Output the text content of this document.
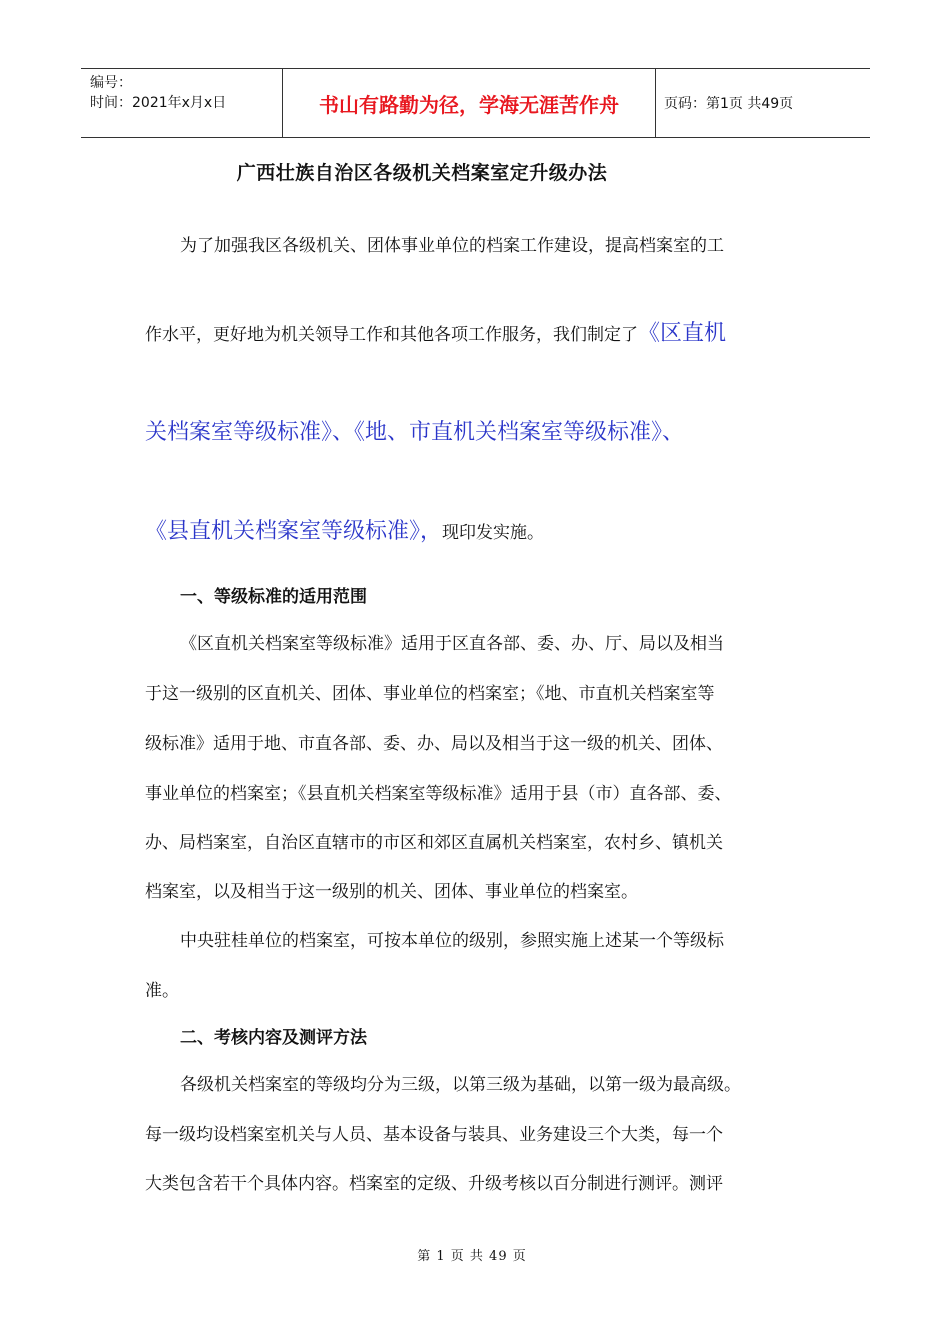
编号：
时间：2021年x月x日	书山有路勤为径，学海无涯苦作舟	页码：第1页 共49页
广西壮族自治区各级机关档案室定升级办法
为了加强我区各级机关、团体事业单位的档案工作建设，提高档案室的工
作水平，更好地为机关领导工作和其他各项工作服务，我们制定了《区直机
关档案室等级标准》、《地、市直机关档案室等级标准》、
《县直机关档案室等级标准》，现印发实施。
一、等级标准的适用范围
《区直机关档案室等级标准》适用于区直各部、委、办、厅、局以及相当
于这一级别的区直机关、团体、事业单位的档案室；《地、市直机关档案室等
级标准》适用于地、市直各部、委、办、局以及相当于这一级的机关、团体、
事业单位的档案室；《县直机关档案室等级标准》适用于县（市）直各部、委、
办、局档案室，自治区直辖市的市区和郊区直属机关档案室，农村乡、镇机关
档案室，以及相当于这一级别的机关、团体、事业单位的档案室。
中央驻桂单位的档案室，可按本单位的级别，参照实施上述某一个等级标
准。
二、考核内容及测评方法
各级机关档案室的等级均分为三级，以第三级为基础，以第一级为最高级。
每一级均设档案室机关与人员、基本设备与装具、业务建设三个大类，每一个
大类包含若干个具体内容。档案室的定级、升级考核以百分制进行测评。测评
第 1 页 共 49 页
